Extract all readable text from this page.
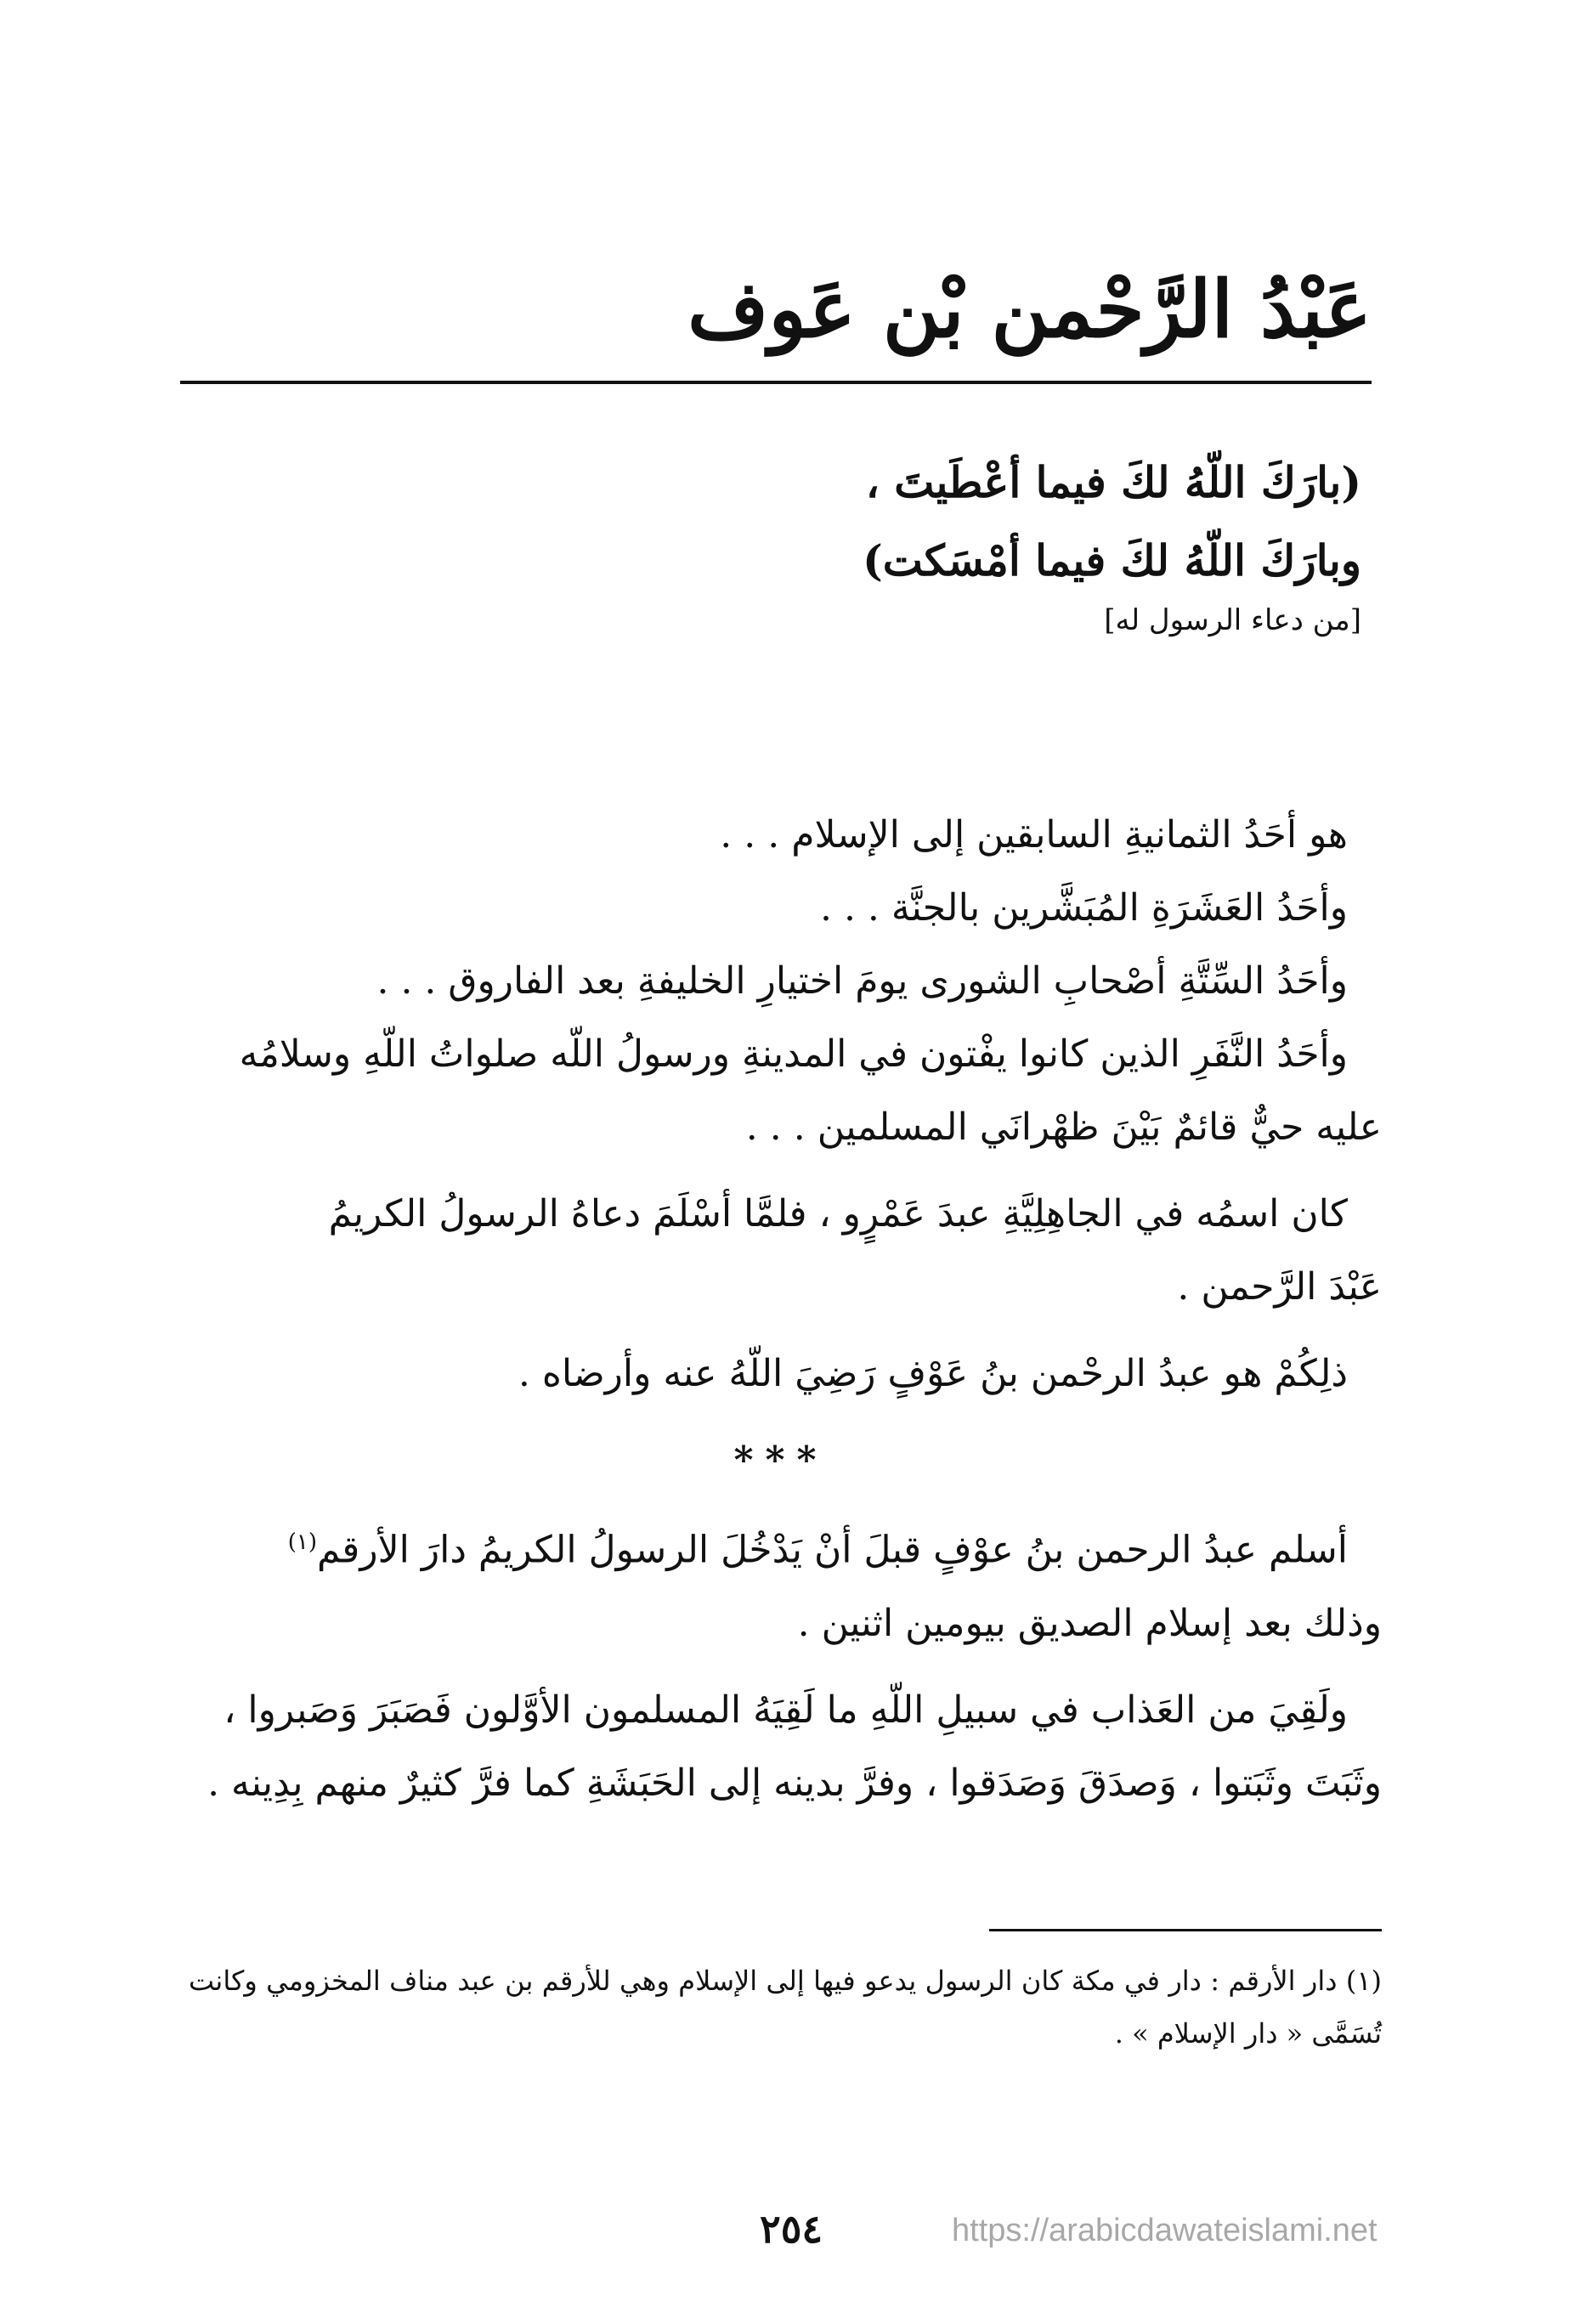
عَبْدُ الرَّحْمن بْن عَوف
(بارَكَ اللّهُ لكَ فيما أعْطَيتَ ،
وبارَكَ اللّهُ لكَ فيما أمْسَكت)
[من دعاء الرسول له]

هو أحَدُ الثمانيةِ السابقين إلى الإسلام . . .
وأحَدُ العَشَرَةِ المُبَشَّرين بالجنَّة . . .
وأحَدُ السِّتَّةِ أصْحابِ الشورى يومَ اختيارِ الخليفةِ بعد الفاروق . . .
وأحَدُ النَّفَرِ الذين كانوا يفْتون في المدينةِ ورسولُ اللّه صلواتُ اللّهِ وسلامُه
عليه حيٌّ قائمٌ بَيْنَ ظهْرانَي المسلمين . . .

كان اسمُه في الجاهِلِيَّةِ عبدَ عَمْرٍو ، فلمَّا أسْلَمَ دعاهُ الرسولُ الكريمُ
عَبْدَ الرَّحمن .

ذلِكُمْ هو عبدُ الرحْمن بنُ عَوْفٍ رَضِيَ اللّهُ عنه وأرضاه .

***

أسلم عبدُ الرحمن بنُ عوْفٍ قبلَ أنْ يَدْخُلَ الرسولُ الكريمُ دارَ الأرقم$^{(١)}$
وذلك بعد إسلام الصديق بيومين اثنين .

ولَقِيَ من العَذاب في سبيلِ اللّهِ ما لَقِيَهُ المسلمون الأوَّلون فَصَبَرَ وَصَبروا ،
وثَبَتَ وثَبَتوا ، وَصدَقَ وَصَدَقوا ، وفرَّ بدينه إلى الحَبَشَةِ كما فرَّ كثيرٌ منهم بِدِينه .

(١) دار الأرقم : دار في مكة كان الرسول يدعو فيها إلى الإسلام وهي للأرقم بن عبد مناف المخزومي وكانت تُسَمَّى « دار الإسلام » .
٢٥٤	https://arabicdawateislami.net
